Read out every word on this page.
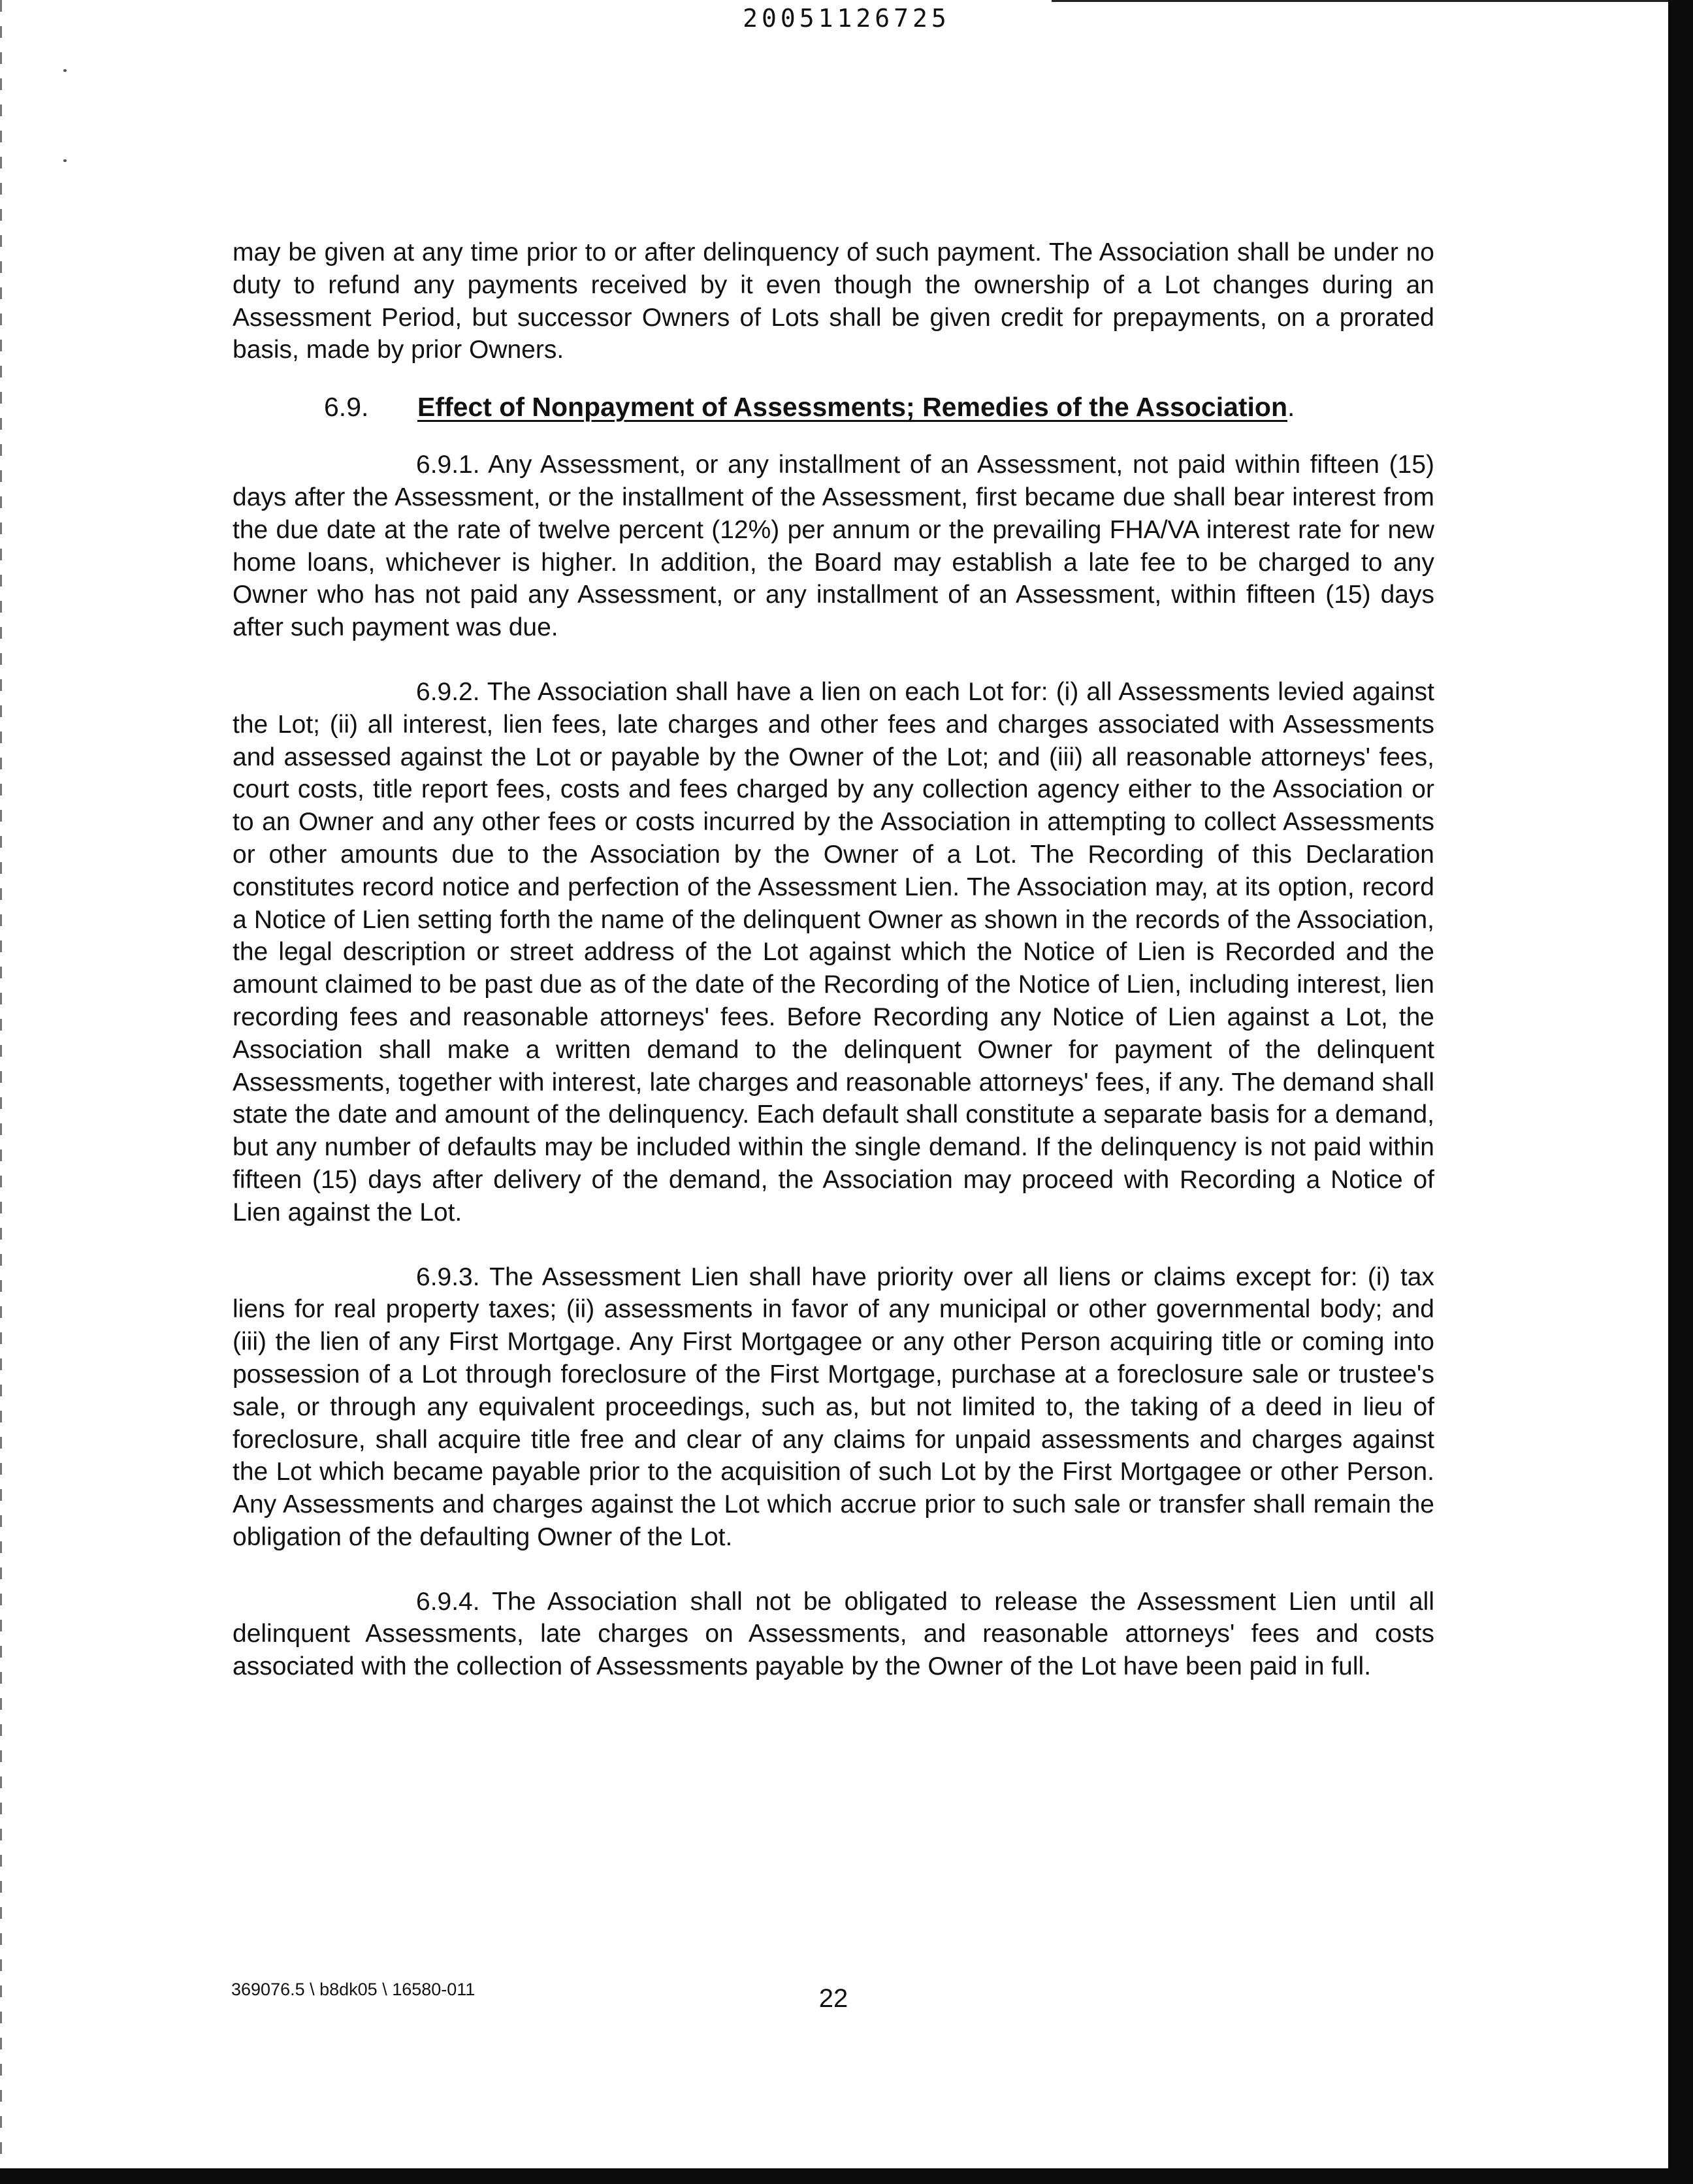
20051126725

may be given at any time prior to or after delinquency of such payment. The Association shall be under no duty to refund any payments received by it even though the ownership of a Lot changes during an Assessment Period, but successor Owners of Lots shall be given credit for prepayments, on a prorated basis, made by prior Owners.

6.9. Effect of Nonpayment of Assessments; Remedies of the Association.

6.9.1. Any Assessment, or any installment of an Assessment, not paid within fifteen (15) days after the Assessment, or the installment of the Assessment, first became due shall bear interest from the due date at the rate of twelve percent (12%) per annum or the prevailing FHA/VA interest rate for new home loans, whichever is higher. In addition, the Board may establish a late fee to be charged to any Owner who has not paid any Assessment, or any installment of an Assessment, within fifteen (15) days after such payment was due.

6.9.2. The Association shall have a lien on each Lot for: (i) all Assessments levied against the Lot; (ii) all interest, lien fees, late charges and other fees and charges associated with Assessments and assessed against the Lot or payable by the Owner of the Lot; and (iii) all reasonable attorneys' fees, court costs, title report fees, costs and fees charged by any collection agency either to the Association or to an Owner and any other fees or costs incurred by the Association in attempting to collect Assessments or other amounts due to the Association by the Owner of a Lot. The Recording of this Declaration constitutes record notice and perfection of the Assessment Lien. The Association may, at its option, record a Notice of Lien setting forth the name of the delinquent Owner as shown in the records of the Association, the legal description or street address of the Lot against which the Notice of Lien is Recorded and the amount claimed to be past due as of the date of the Recording of the Notice of Lien, including interest, lien recording fees and reasonable attorneys' fees. Before Recording any Notice of Lien against a Lot, the Association shall make a written demand to the delinquent Owner for payment of the delinquent Assessments, together with interest, late charges and reasonable attorneys' fees, if any. The demand shall state the date and amount of the delinquency. Each default shall constitute a separate basis for a demand, but any number of defaults may be included within the single demand. If the delinquency is not paid within fifteen (15) days after delivery of the demand, the Association may proceed with Recording a Notice of Lien against the Lot.

6.9.3. The Assessment Lien shall have priority over all liens or claims except for: (i) tax liens for real property taxes; (ii) assessments in favor of any municipal or other governmental body; and (iii) the lien of any First Mortgage. Any First Mortgagee or any other Person acquiring title or coming into possession of a Lot through foreclosure of the First Mortgage, purchase at a foreclosure sale or trustee's sale, or through any equivalent proceedings, such as, but not limited to, the taking of a deed in lieu of foreclosure, shall acquire title free and clear of any claims for unpaid assessments and charges against the Lot which became payable prior to the acquisition of such Lot by the First Mortgagee or other Person. Any Assessments and charges against the Lot which accrue prior to such sale or transfer shall remain the obligation of the defaulting Owner of the Lot.

6.9.4. The Association shall not be obligated to release the Assessment Lien until all delinquent Assessments, late charges on Assessments, and reasonable attorneys' fees and costs associated with the collection of Assessments payable by the Owner of the Lot have been paid in full.

369076.5 \ b8dk05 \ 16580-011	22
